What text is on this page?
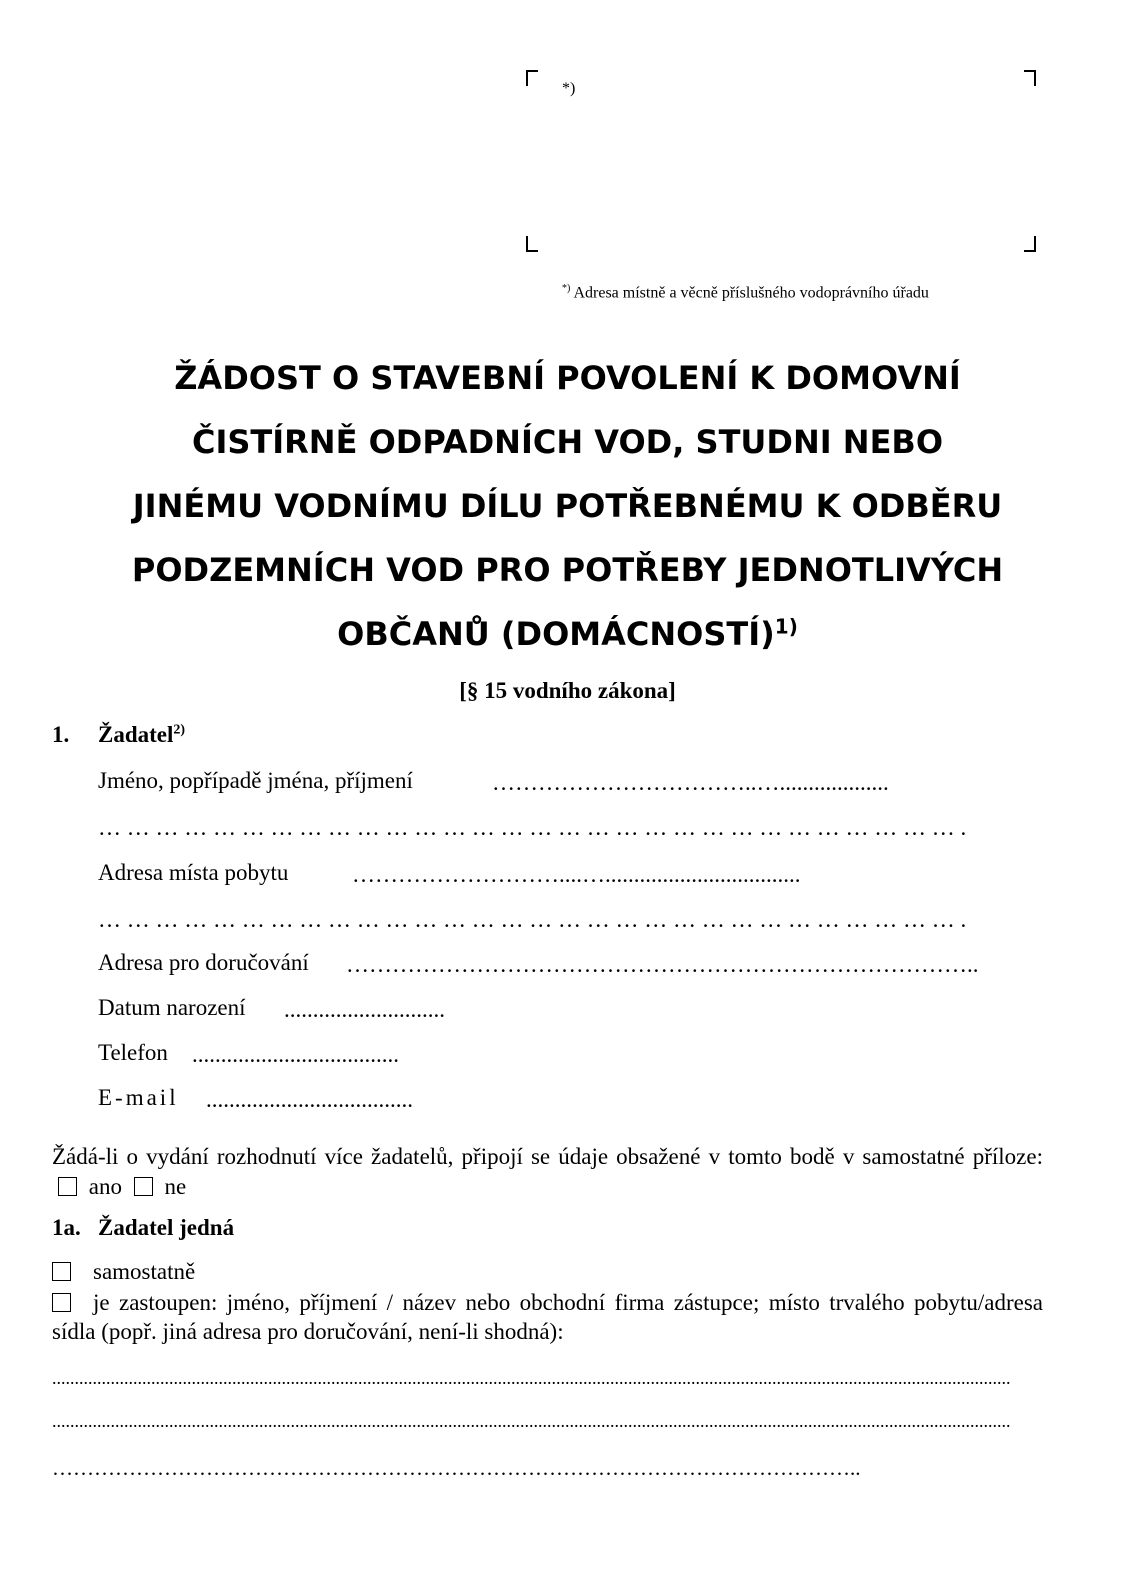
*)
*) Adresa místně a věcně příslušného vodoprávního úřadu
ŽÁDOST O STAVEBNÍ POVOLENÍ K DOMOVNÍ
ČISTÍRNĚ ODPADNÍCH VOD, STUDNI NEBO
JINÉMU VODNÍMU DÍLU POTŘEBNÉMU K ODBĚRU
PODZEMNÍCH VOD PRO POTŘEBY JEDNOTLIVÝCH
OBČANŮ (DOMÁCNOSTÍ)$^{1)}$
[§ 15 vodního zákona]
1. Žadatel$^{2)}$
Jméno, popřípadě jména, příjmení	……………………………..…...................
… … … … … … … … … … … … … … … … … … … … … … … … … … … … … … .
Adresa místa pobytu	………………………....…..................................
… … … … … … … … … … … … … … … … … … … … … … … … … … … … … … .
Adresa pro doručování ………………………………………………………………………..
Datum narození ............................
Telefon ....................................
E-mail ....................................
Žádá-li o vydání rozhodnutí více žadatelů, připojí se údaje obsažené v tomto bodě v samostatné příloze:  ano ne
1a. Žadatel jedná
samostatně
je zastoupen: jméno, příjmení / název nebo obchodní firma zástupce; místo trvalého pobytu/adresa sídla (popř. jiná adresa pro doručování, není-li shodná):
.....................................................................................................................................................................................................................
.....................................................................................................................................................................................................................
……………………………………………………………………………………………………..
